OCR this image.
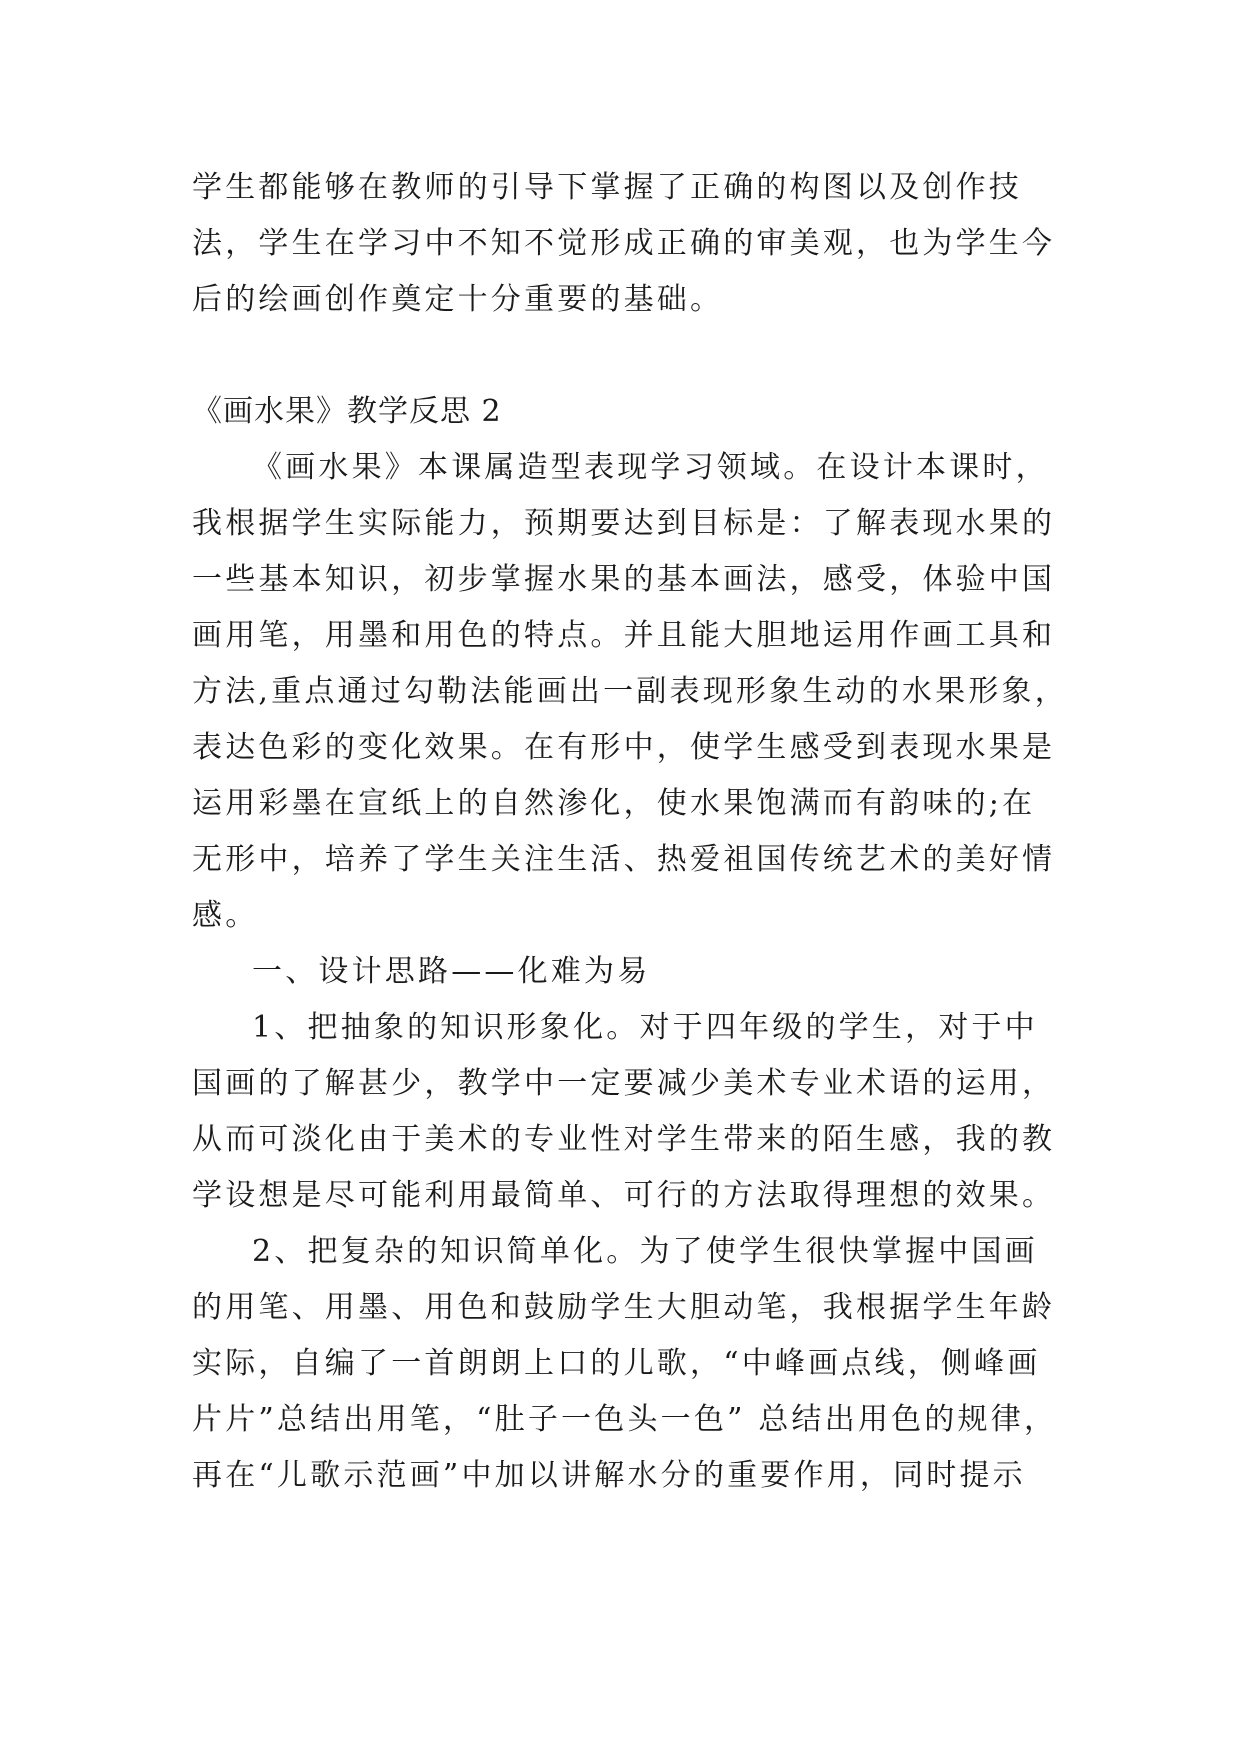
学生都能够在教师的引导下掌握了正确的构图以及创作技
法，学生在学习中不知不觉形成正确的审美观，也为学生今
后的绘画创作奠定十分重要的基础。
《画水果》教学反思 2
《画水果》本课属造型表现学习领域。在设计本课时，
我根据学生实际能力，预期要达到目标是：了解表现水果的
一些基本知识，初步掌握水果的基本画法，感受，体验中国
画用笔，用墨和用色的特点。并且能大胆地运用作画工具和
方法,重点通过勾勒法能画出一副表现形象生动的水果形象，
表达色彩的变化效果。在有形中，使学生感受到表现水果是
运用彩墨在宣纸上的自然渗化，使水果饱满而有韵味的;在
无形中，培养了学生关注生活、热爱祖国传统艺术的美好情
感。
一、设计思路——化难为易
1、把抽象的知识形象化。对于四年级的学生，对于中
国画的了解甚少，教学中一定要减少美术专业术语的运用，
从而可淡化由于美术的专业性对学生带来的陌生感，我的教
学设想是尽可能利用最简单、可行的方法取得理想的效果。
2、把复杂的知识简单化。为了使学生很快掌握中国画
的用笔、用墨、用色和鼓励学生大胆动笔，我根据学生年龄
实际，自编了一首朗朗上口的儿歌，“中峰画点线，侧峰画
片片”总结出用笔，“肚子一色头一色” 总结出用色的规律，
再在“儿歌示范画”中加以讲解水分的重要作用，同时提示
